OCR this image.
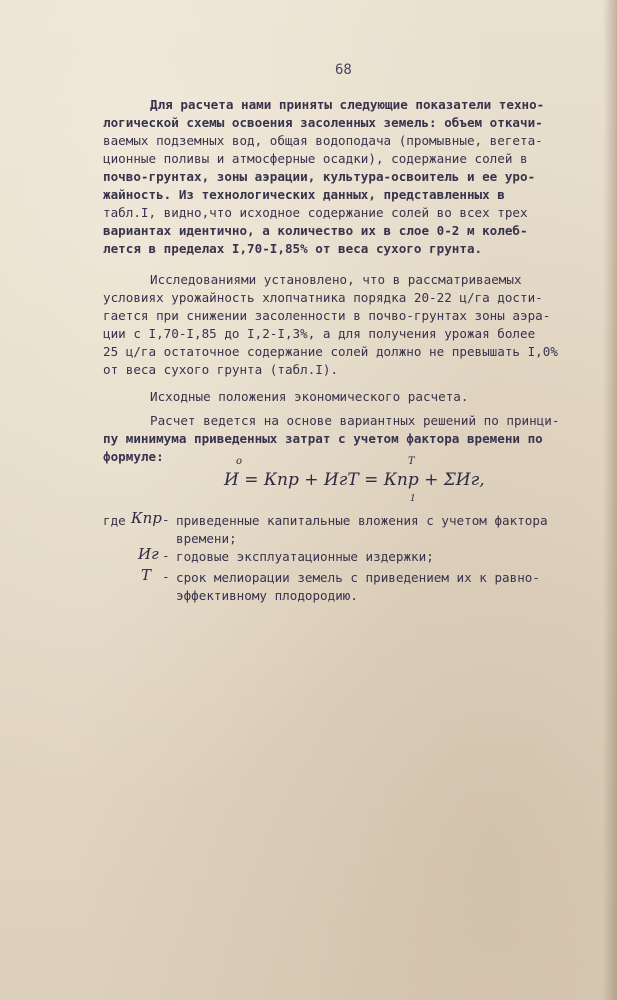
68
Для расчета нами приняты следующие показатели техно-
логической схемы освоения засоленных земель: объем откачи-
ваемых подземных вод, общая водоподача (промывные, вегета-
ционные поливы и атмосферные осадки), содержание солей в
почво-грунтах, зоны аэрации, культура-освоитель и ее уро-
жайность. Из технологических данных, представленных в
табл.I, видно,что исходное содержание солей во всех трех
вариантах идентично, а количество их в слое 0-2 м колеб-
лется в пределах I,70-I,85% от веса сухого грунта.
Исследованиями установлено, что в рассматриваемых
условиях урожайность хлопчатника порядка 20-22 ц/га дости-
гается при снижении засоленности в почво-грунтах зоны аэра-
ции с I,70-I,85 до I,2-I,3%, а для получения урожая более
25 ц/га остаточное содержание солей должно не превышать I,0%
от веса сухого грунта (табл.I).
Исходные положения экономического расчета.
Расчет ведется на основе вариантных решений по принци-
пу минимума приведенных затрат с учетом фактора времени по
формуле:
И = Кпр + ИгТ = Кпр + ΣИг,
o	T
1
где Кпр - приведенные капитальные вложения с учетом фактора
времени;
Иг - годовые эксплуатационные издержки;
Т - срок мелиорации земель с приведением их к равно-
эффективному плодородию.
